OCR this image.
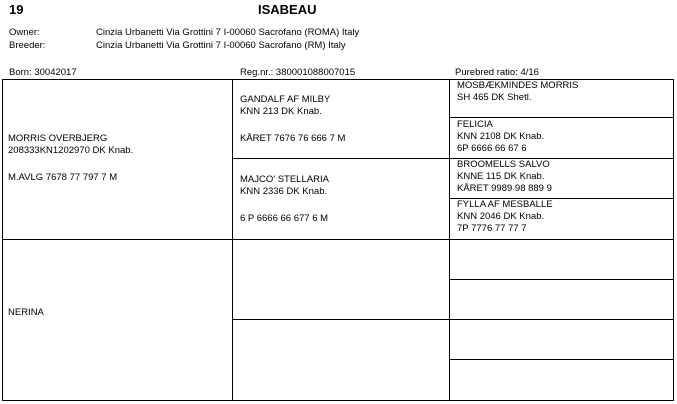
19	ISABEAU
Owner:	Cinzia Urbanetti Via Grottini 7 I-00060 Sacrofano (ROMA) Italy
Breeder:	Cinzia Urbanetti Via Grottini 7 I-00060 Sacrofano (RM) Italy
Born: 30042017	Reg.nr.: 380001088007015	Purebred ratio: 4/16
MORRIS OVERBJERG
208333KN1202970 DK Knab.
M.AVLG 7678 77 797 7 M
NERINA
GANDALF AF MILBY
KNN 213 DK Knab.
KÅRET 7676 76 666 7 M
MAJCO' STELLARIA
KNN 2336 DK Knab.
6 P 6666 66 677 6 M
MOSBÆKMINDES MORRIS
SH 465 DK Shetl.
FELICIA
KNN 2108 DK Knab.
6P 6666 66 67 6
BROOMELLS SALVO
KNNE 115 DK Knab.
KÅRET 9989 98 889 9
FYLLA AF MESBALLE
KNN 2046 DK Knab.
7P 7776 77 77 7
